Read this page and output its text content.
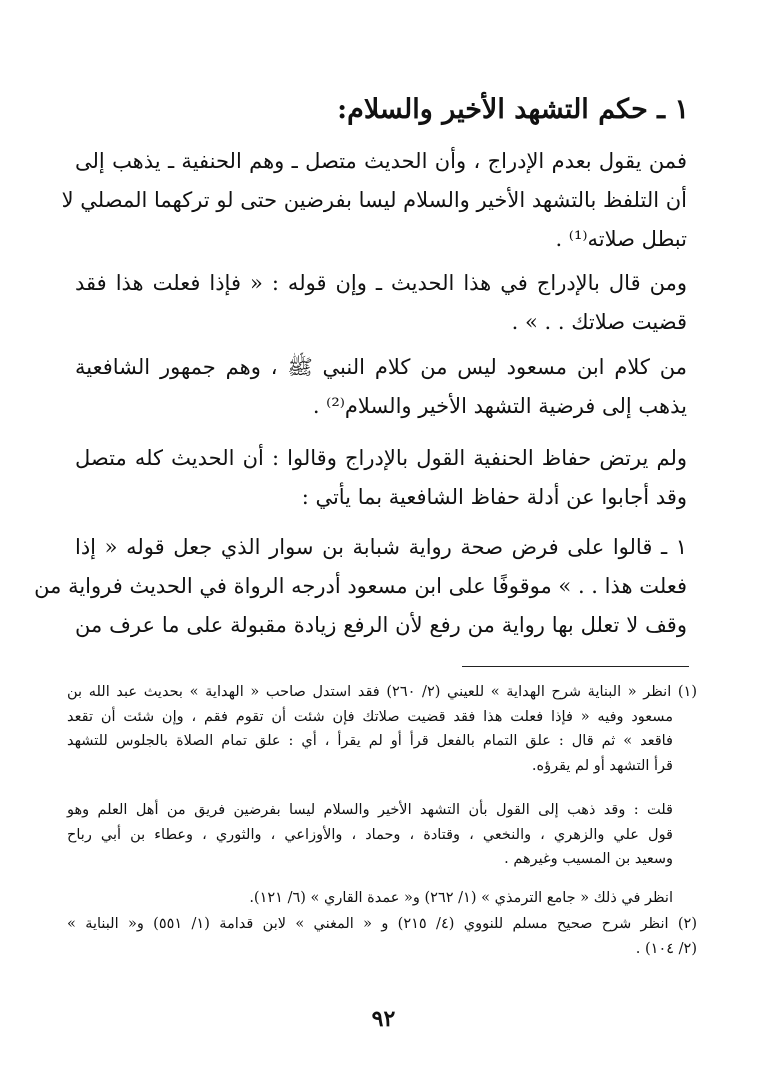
١ ـ حكم التشهد الأخير والسلام:
فمن يقول بعدم الإدراج ، وأن الحديث متصل ـ وهم الحنفية ـ يذهب إلى
أن التلفظ بالتشهد الأخير والسلام ليسا بفرضين حتى لو تركهما المصلي لا
تبطل صلاته⁽¹⁾ .
ومن قال بالإدراج في هذا الحديث ـ وإن قوله : « فإذا فعلت هذا فقد
قضيت صلاتك . . » .
من كلام ابن مسعود ليس من كلام النبي ﷺ ، وهم جمهور الشافعية
يذهب إلى فرضية التشهد الأخير والسلام⁽²⁾ .
ولم يرتض حفاظ الحنفية القول بالإدراج وقالوا : أن الحديث كله متصل
وقد أجابوا عن أدلة حفاظ الشافعية بما يأتي :
١ ـ قالوا على فرض صحة رواية شبابة بن سوار الذي جعل قوله « إذا
فعلت هذا . . » موقوفًا على ابن مسعود أدرجه الرواة في الحديث فرواية من
وقف لا تعلل بها رواية من رفع لأن الرفع زيادة مقبولة على ما عرف من
(١) انظر « البناية شرح الهداية » للعيني (٢/ ٢٦٠) فقد استدل صاحب « الهداية » بحديث عبد الله بن
مسعود وفيه « فإذا فعلت هذا فقد قضيت صلاتك فإن شئت أن تقوم فقم ، وإن شئت أن تقعد
فاقعد » ثم قال : علق التمام بالفعل قرأ أو لم يقرأ ، أي : علق تمام الصلاة بالجلوس للتشهد
قرأ التشهد أو لم يقرؤه.
قلت : وقد ذهب إلى القول بأن التشهد الأخير والسلام ليسا بفرضين فريق من أهل العلم وهو
قول علي والزهري ، والنخعي ، وقتادة ، وحماد ، والأوزاعي ، والثوري ، وعطاء بن أبي رباح
وسعيد بن المسيب وغيرهم .
انظر في ذلك « جامع الترمذي » (١/ ٢٦٢) و« عمدة القاري » (٦/ ١٢١).
(٢) انظر شرح صحيح مسلم للنووي (٤/ ٢١٥) و « المغني » لابن قدامة (١/ ٥٥١) و« البناية »
(٢/ ١٠٤) .
٩٢
